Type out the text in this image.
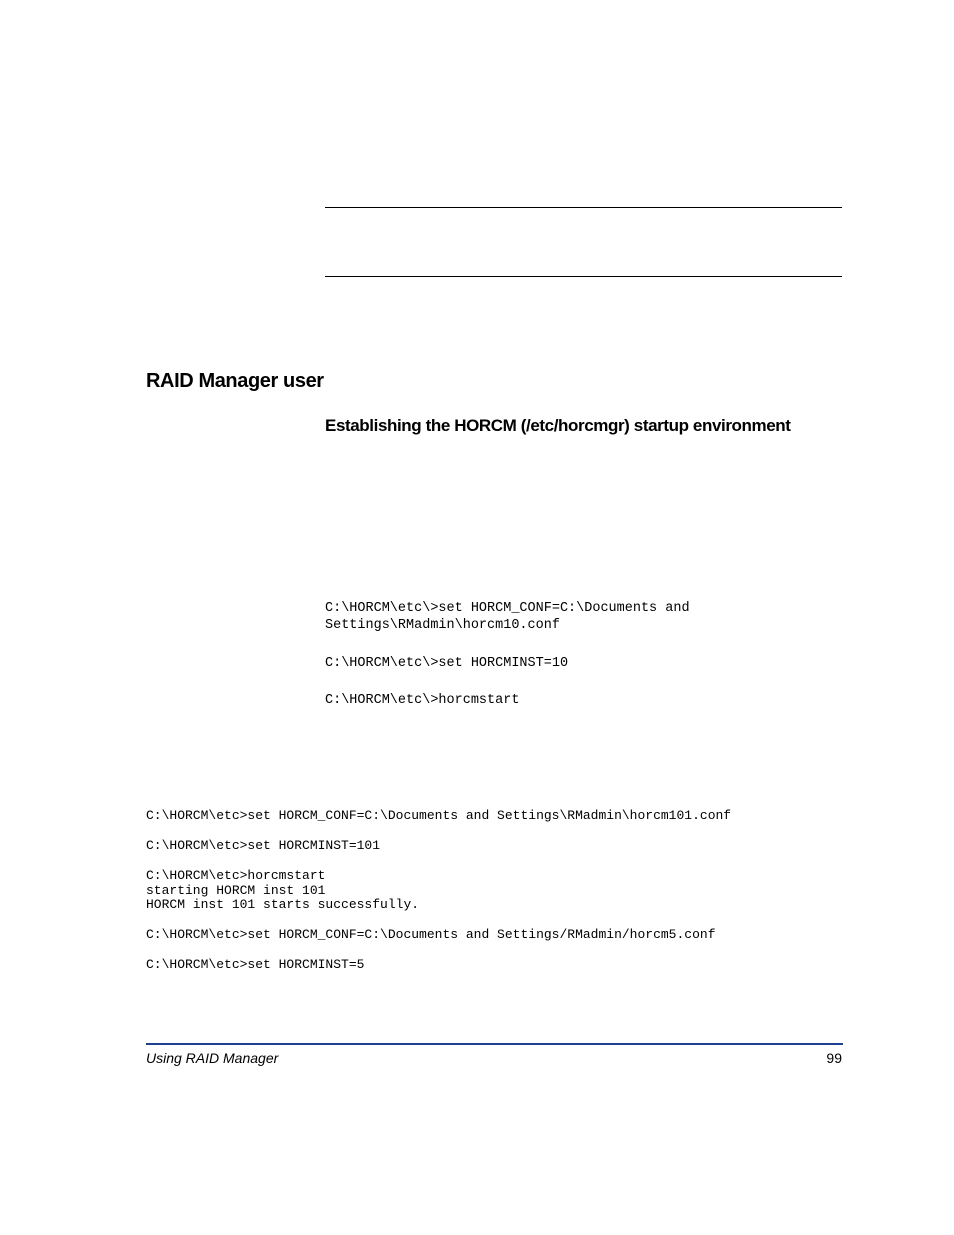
RAID Manager user
Establishing the HORCM (/etc/horcmgr) startup environment
C:\HORCM\etc\>set HORCM_CONF=C:\Documents and
Settings\RMadmin\horcm10.conf
C:\HORCM\etc\>set HORCMINST=10
C:\HORCM\etc\>horcmstart
C:\HORCM\etc>set HORCM_CONF=C:\Documents and Settings\RMadmin\horcm101.conf
C:\HORCM\etc>set HORCMINST=101
C:\HORCM\etc>horcmstart
starting HORCM inst 101
HORCM inst 101 starts successfully.
C:\HORCM\etc>set HORCM_CONF=C:\Documents and Settings/RMadmin/horcm5.conf
C:\HORCM\etc>set HORCMINST=5
Using RAID Manager	99
